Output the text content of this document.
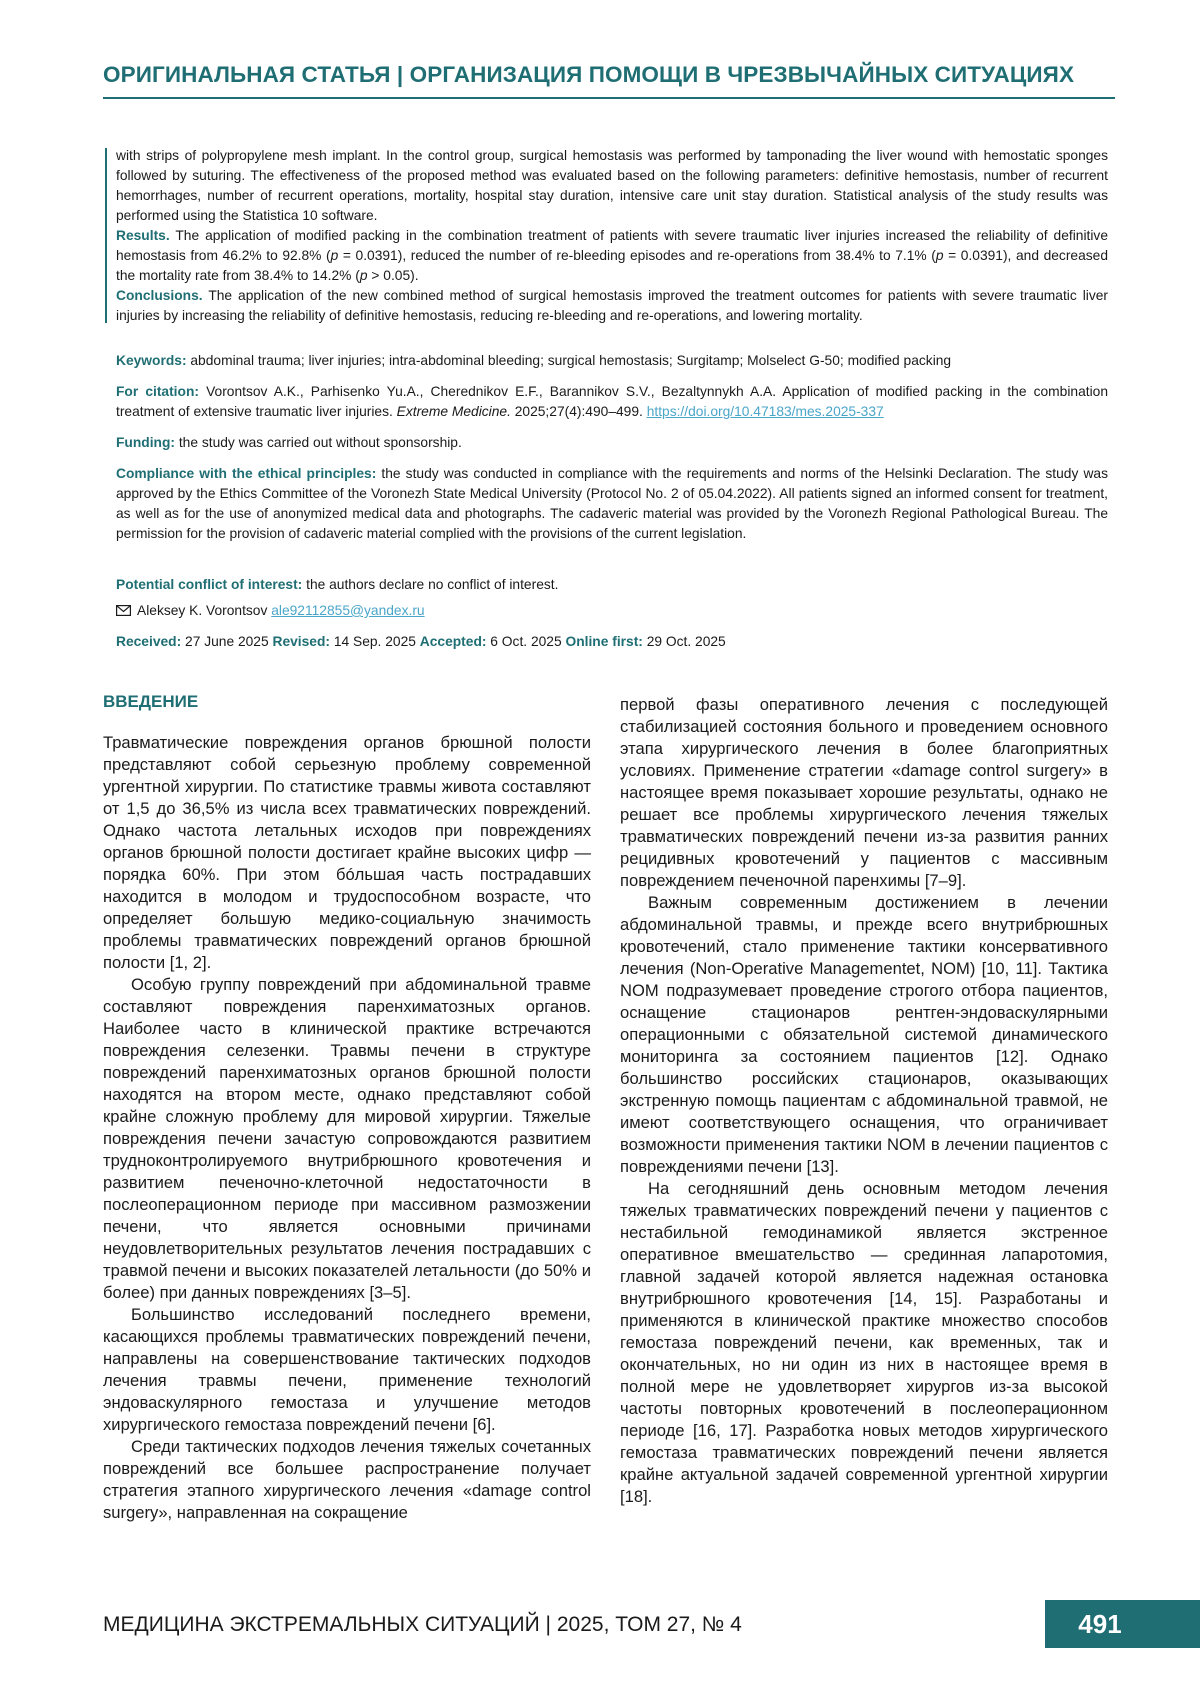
ОРИГИНАЛЬНАЯ СТАТЬЯ | ОРГАНИЗАЦИЯ ПОМОЩИ В ЧРЕЗВЫЧАЙНЫХ СИТУАЦИЯХ
with strips of polypropylene mesh implant. In the control group, surgical hemostasis was performed by tamponading the liver wound with hemostatic sponges followed by suturing. The effectiveness of the proposed method was evaluated based on the following parameters: definitive hemostasis, number of recurrent hemorrhages, number of recurrent operations, mortality, hospital stay duration, intensive care unit stay duration. Statistical analysis of the study results was performed using the Statistica 10 software.
Results. The application of modified packing in the combination treatment of patients with severe traumatic liver injuries increased the reliability of definitive hemostasis from 46.2% to 92.8% (p = 0.0391), reduced the number of re-bleeding episodes and re-operations from 38.4% to 7.1% (p = 0.0391), and decreased the mortality rate from 38.4% to 14.2% (p > 0.05).
Conclusions. The application of the new combined method of surgical hemostasis improved the treatment outcomes for patients with severe traumatic liver injuries by increasing the reliability of definitive hemostasis, reducing re-bleeding and re-operations, and lowering mortality.
Keywords: abdominal trauma; liver injuries; intra-abdominal bleeding; surgical hemostasis; Surgitamp; Molselect G-50; modified packing
For citation: Vorontsov A.K., Parhisenko Yu.A., Cherednikov E.F., Barannikov S.V., Bezaltynnykh A.A. Application of modified packing in the combination treatment of extensive traumatic liver injuries. Extreme Medicine. 2025;27(4):490–499. https://doi.org/10.47183/mes.2025-337
Funding: the study was carried out without sponsorship.
Compliance with the ethical principles: the study was conducted in compliance with the requirements and norms of the Helsinki Declaration. The study was approved by the Ethics Committee of the Voronezh State Medical University (Protocol No. 2 of 05.04.2022). All patients signed an informed consent for treatment, as well as for the use of anonymized medical data and photographs. The cadaveric material was provided by the Voronezh Regional Pathological Bureau. The permission for the provision of cadaveric material complied with the provisions of the current legislation.
Potential conflict of interest: the authors declare no conflict of interest.
Aleksey K. Vorontsov ale92112855@yandex.ru
Received: 27 June 2025 Revised: 14 Sep. 2025 Accepted: 6 Oct. 2025 Online first: 29 Oct. 2025
ВВЕДЕНИЕ

Травматические повреждения органов брюшной полости представляют собой серьезную проблему современной ургентной хирургии. По статистике травмы живота составляют от 1,5 до 36,5% из числа всех травматических повреждений. Однако частота летальных исходов при повреждениях органов брюшной полости достигает крайне высоких цифр — порядка 60%. При этом бóльшая часть пострадавших находится в молодом и трудоспособном возрасте, что определяет большую медико-социальную значимость проблемы травматических повреждений органов брюшной полости [1, 2].

Особую группу повреждений при абдоминальной травме составляют повреждения паренхиматозных органов. Наиболее часто в клинической практике встречаются повреждения селезенки. Травмы печени в структуре повреждений паренхиматозных органов брюшной полости находятся на втором месте, однако представляют собой крайне сложную проблему для мировой хирургии. Тяжелые повреждения печени зачастую сопровождаются развитием трудноконтролируемого внутрибрюшного кровотечения и развитием печеночно-клеточной недостаточности в послеоперационном периоде при массивном размозжении печени, что является основными причинами неудовлетворительных результатов лечения пострадавших с травмой печени и высоких показателей летальности (до 50% и более) при данных повреждениях [3–5].

Большинство исследований последнего времени, касающихся проблемы травматических повреждений печени, направлены на совершенствование тактических подходов лечения травмы печени, применение технологий эндоваскулярного гемостаза и улучшение методов хирургического гемостаза повреждений печени [6].

Среди тактических подходов лечения тяжелых сочетанных повреждений все большее распространение получает стратегия этапного хирургического лечения «damage control surgery», направленная на сокращение

первой фазы оперативного лечения с последующей стабилизацией состояния больного и проведением основного этапа хирургического лечения в более благоприятных условиях. Применение стратегии «damage control surgery» в настоящее время показывает хорошие результаты, однако не решает все проблемы хирургического лечения тяжелых травматических повреждений печени из-за развития ранних рецидивных кровотечений у пациентов с массивным повреждением печеночной паренхимы [7–9].

Важным современным достижением в лечении абдоминальной травмы, и прежде всего внутрибрюшных кровотечений, стало применение тактики консервативного лечения (Non-Operative Managementet, NOM) [10, 11]. Тактика NOM подразумевает проведение строгого отбора пациентов, оснащение стационаров рентген-эндоваскулярными операционными с обязательной системой динамического мониторинга за состоянием пациентов [12]. Однако большинство российских стационаров, оказывающих экстренную помощь пациентам с абдоминальной травмой, не имеют соответствующего оснащения, что ограничивает возможности применения тактики NOM в лечении пациентов с повреждениями печени [13].

На сегодняшний день основным методом лечения тяжелых травматических повреждений печени у пациентов с нестабильной гемодинамикой является экстренное оперативное вмешательство — срединная лапаротомия, главной задачей которой является надежная остановка внутрибрюшного кровотечения [14, 15]. Разработаны и применяются в клинической практике множество способов гемостаза повреждений печени, как временных, так и окончательных, но ни один из них в настоящее время в полной мере не удовлетворяет хирургов из-за высокой частоты повторных кровотечений в послеоперационном периоде [16, 17]. Разработка новых методов хирургического гемостаза травматических повреждений печени является крайне актуальной задачей современной ургентной хирургии [18].

МЕДИЦИНА ЭКСТРЕМАЛЬНЫХ СИТУАЦИЙ | 2025, ТОМ 27, № 4	491
